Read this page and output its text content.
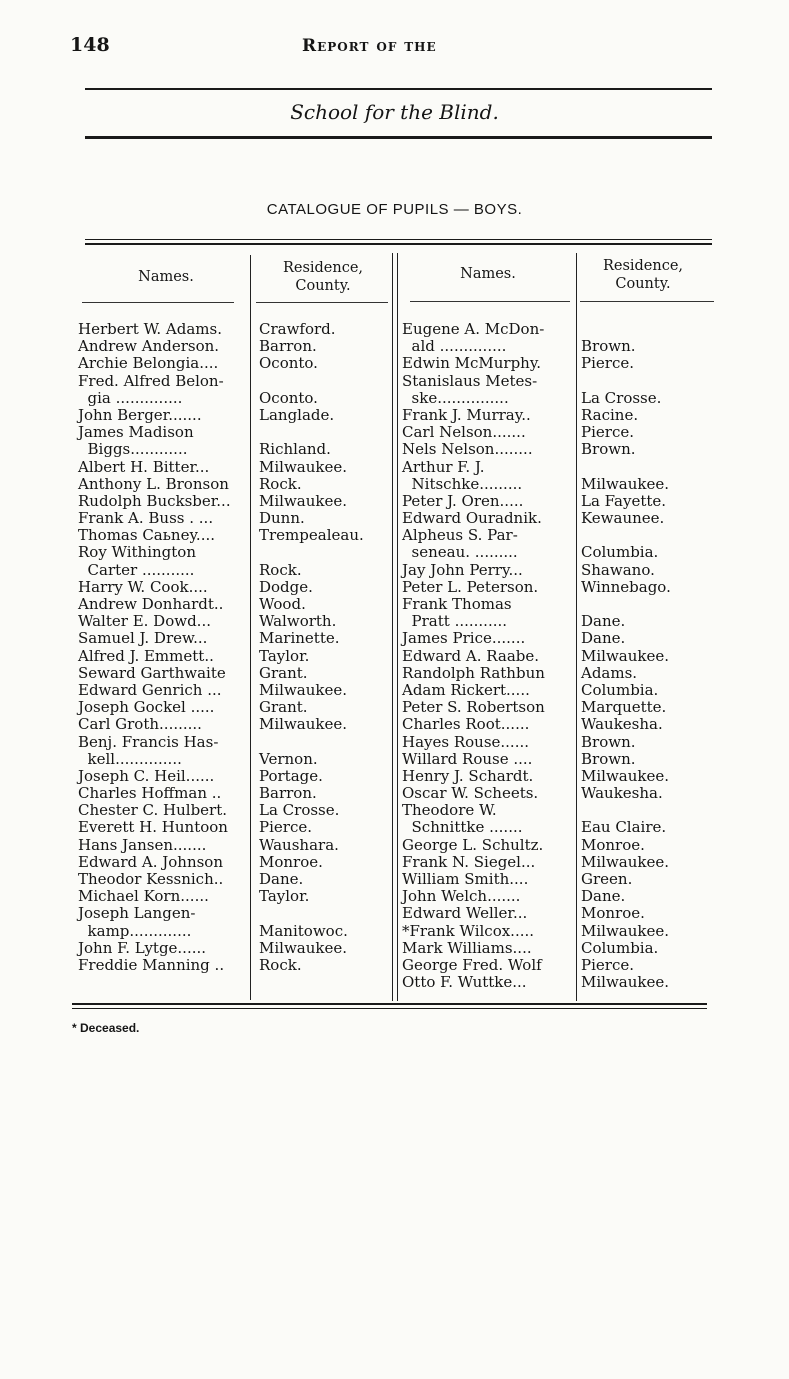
148	Report of the
School for the Blind.
CATALOGUE OF PUPILS — BOYS.
Names.
Residence,
County.
Names.	Residence,
County.
Herbert W. Adams.
Andrew Anderson.
Archie Belongia....
Fred. Alfred Belon-
gia ..............
John Berger.......
James Madison
Biggs............
Albert H. Bitter...
Anthony L. Bronson
Rudolph Bucksber...
Frank A. Buss . ...
Thomas Caьney....
Roy Withington
Carter ...........
Harry W. Cook....
Andrew Donhardt..
Walter E. Dowd...
Samuel J. Drew...
Alfred J. Emmett..
Seward Garthwaite
Edward Genrich ...
Joseph Gockel .....
Carl Groth.........
Benj. Francis Has-
kell..............
Joseph C. Heil......
Charles Hoffman ..
Chester C. Hulbert.
Everett H. Huntoon
Hans Jansen.......
Edward A. Johnson
Theodor Kessnich..
Michael Korn......
Joseph Langen-
kamp.............
John F. Lytge......
Freddie Manning ..
Crawford.
Barron.
Oconto.
Oconto.
Langlade.
Richland.
Milwaukee.
Rock.
Milwaukee.
Dunn.
Trempealeau.
Rock.
Dodge.
Wood.
Walworth.
Marinette.
Taylor.
Grant.
Milwaukee.
Grant.
Milwaukee.
Vernon.
Portage.
Barron.
La Crosse.
Pierce.
Waushara.
Monroe.
Dane.
Taylor.
Manitowoc.
Milwaukee.
Rock.
Eugene A. McDon-
ald ..............
Edwin McMurphy.
Stanislaus Metes-
ske...............
Frank J. Murray..
Carl Nelson.......
Nels Nelson........
Arthur F. J.
Nitschke.........
Peter J. Oren.....
Edward Ouradnik.
Alpheus S. Par-
seneau. .........
Jay John Perry...
Peter L. Peterson.
Frank Thomas
Pratt ...........
James Price.......
Edward A. Raabe.
Randolph Rathbun
Adam Rickert.....
Peter S. Robertson
Charles Root......
Hayes Rouse......
Willard Rouse ....
Henry J. Schardt.
Oscar W. Scheets.
Theodore W.
Schnittke .......
George L. Schultz.
Frank N. Siegel...
William Smith....
John Welch.......
Edward Weller...
*Frank Wilcox.....
Mark Williams....
George Fred. Wolf
Otto F. Wuttke...
Brown.
Pierce.
La Crosse.
Racine.
Pierce.
Brown.
Milwaukee.
La Fayette.
Kewaunee.
Columbia.
Shawano.
Winnebago.
Dane.
Dane.
Milwaukee.
Adams.
Columbia.
Marquette.
Waukesha.
Brown.
Brown.
Milwaukee.
Waukesha.
Eau Claire.
Monroe.
Milwaukee.
Green.
Dane.
Monroe.
Milwaukee.
Columbia.
Pierce.
Milwaukee.
* Deceased.
